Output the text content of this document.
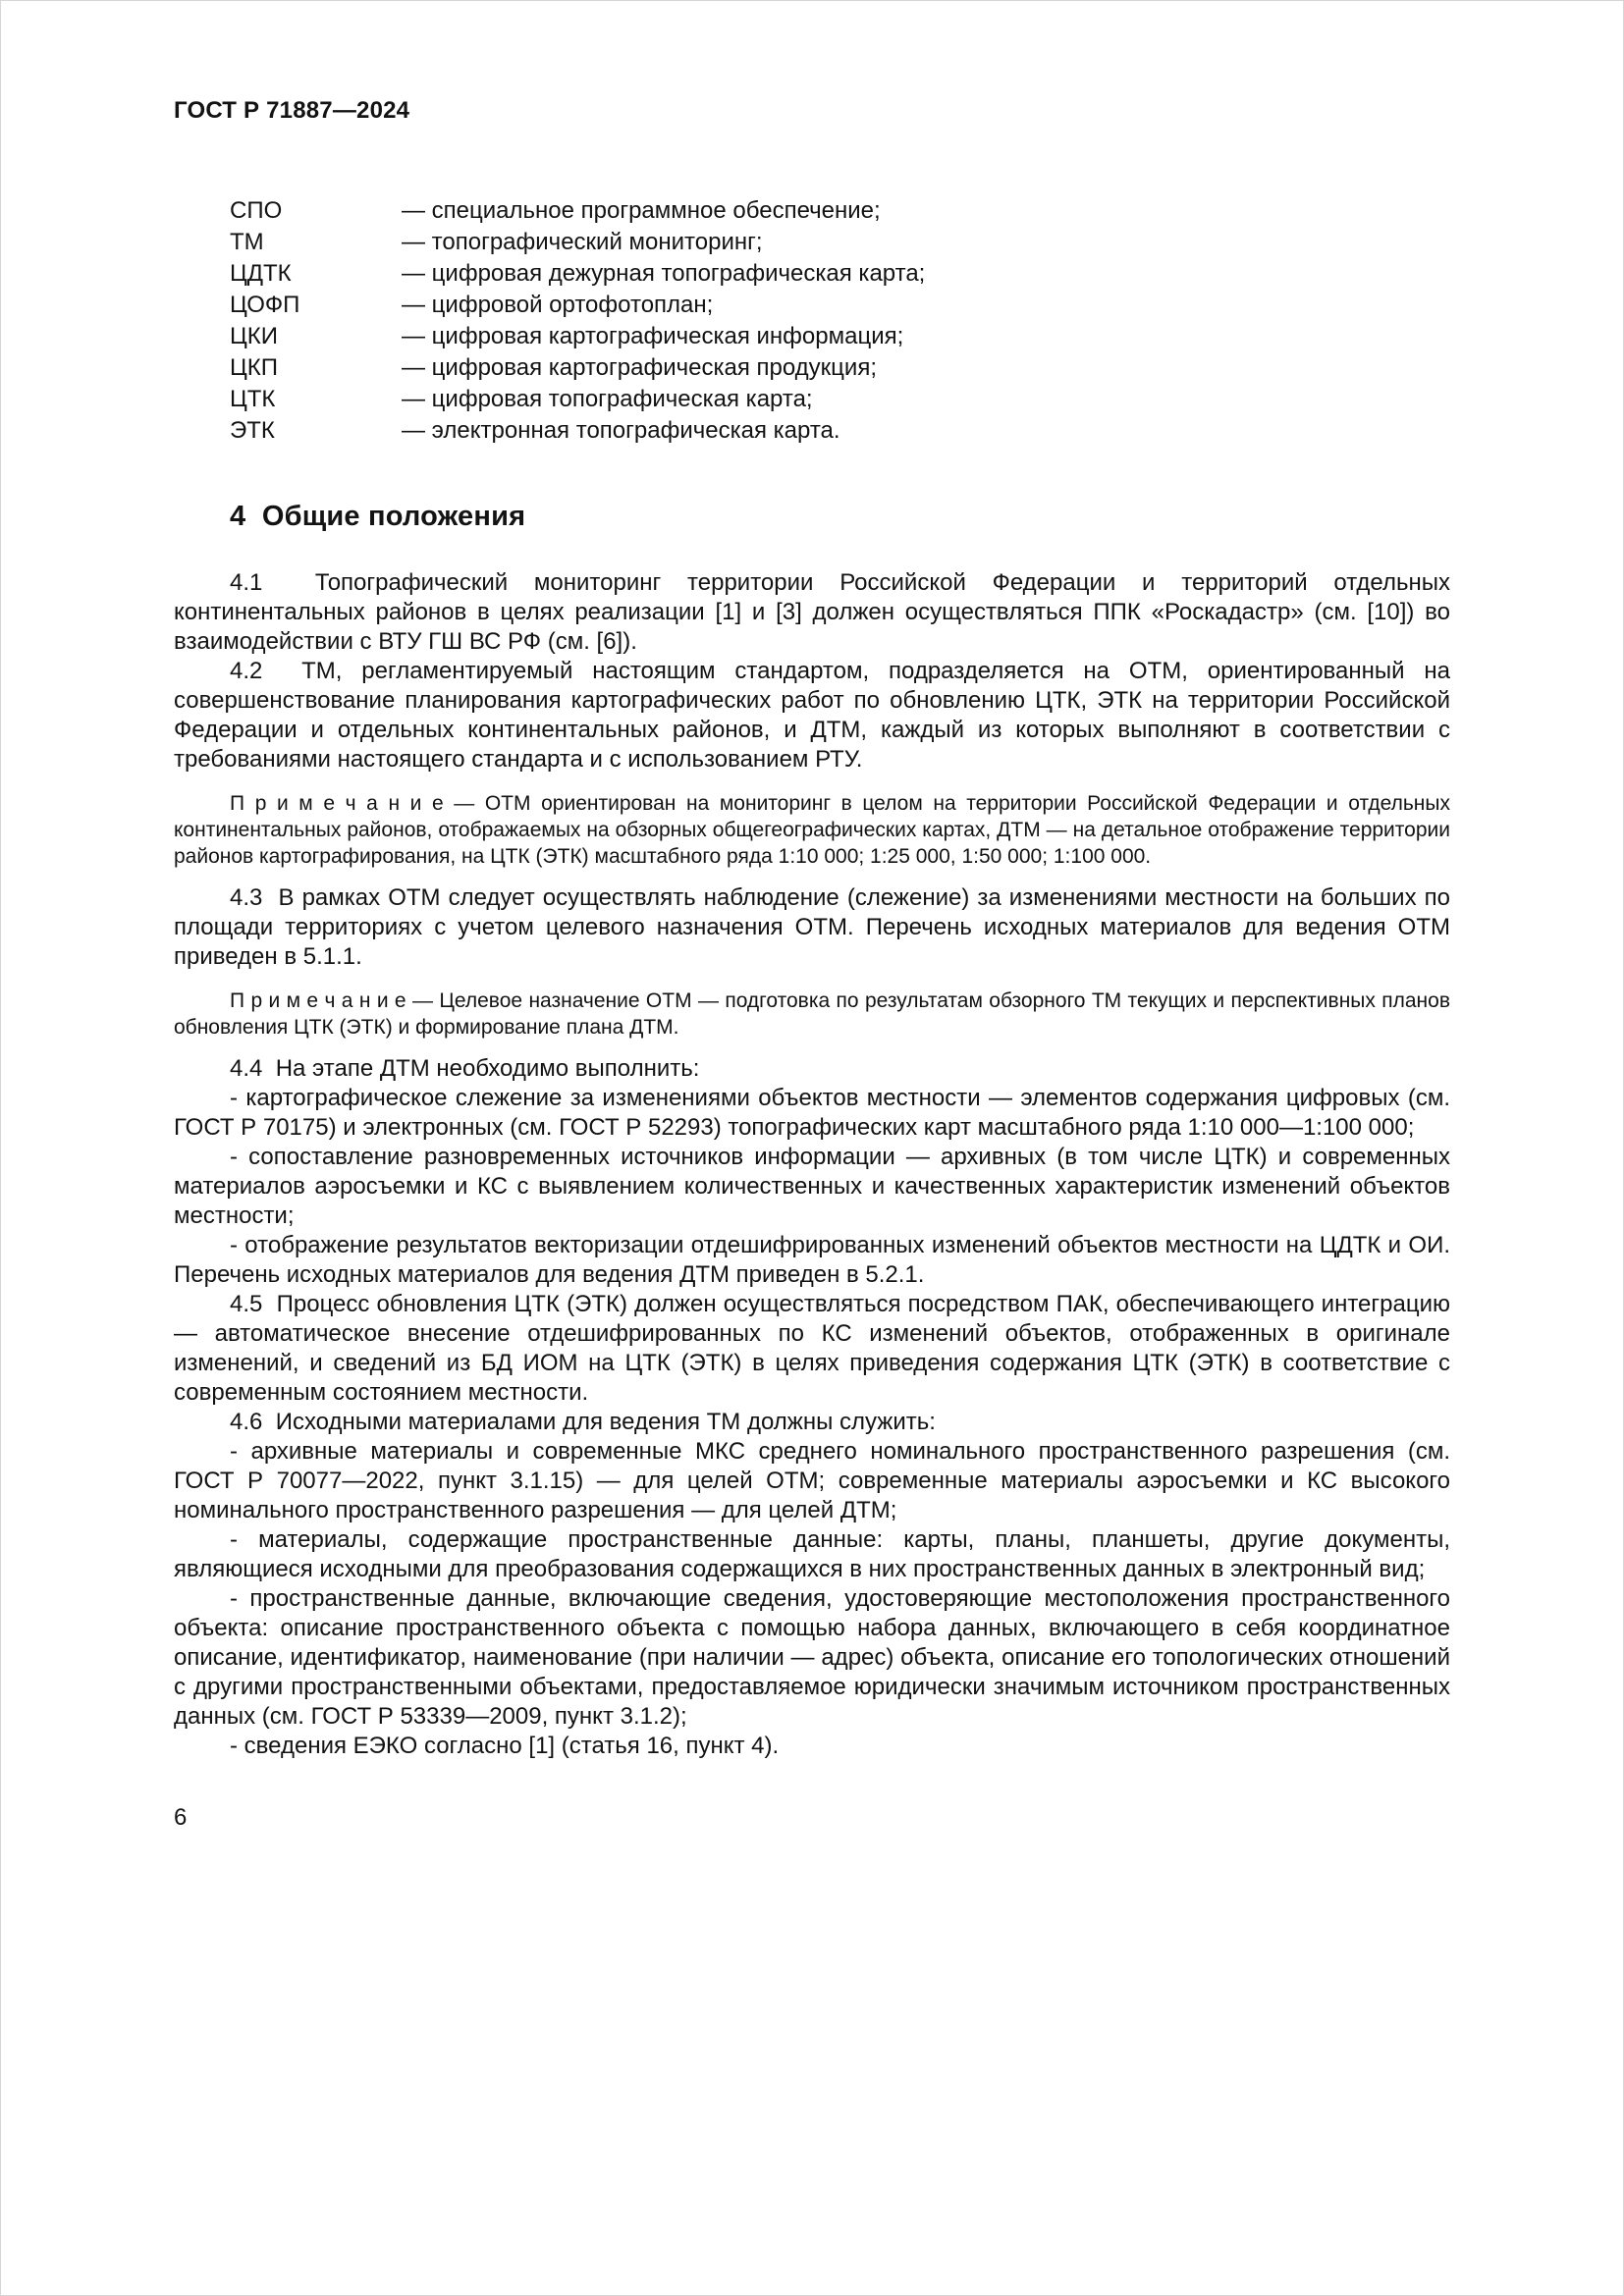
ГОСТ Р 71887—2024
СПО	— специальное программное обеспечение;
ТМ	— топографический мониторинг;
ЦДТК	— цифровая дежурная топографическая карта;
ЦОФП	— цифровой ортофотоплан;
ЦКИ	— цифровая картографическая информация;
ЦКП	— цифровая картографическая продукция;
ЦТК	— цифровая топографическая карта;
ЭТК	— электронная топографическая карта.
4  Общие положения

4.1  Топографический мониторинг территории Российской Федерации и территорий отдельных континентальных районов в целях реализации [1] и [3] должен осуществляться ППК «Роскадастр» (см. [10]) во взаимодействии с ВТУ ГШ ВС РФ (см. [6]).

4.2  ТМ, регламентируемый настоящим стандартом, подразделяется на ОТМ, ориентированный на совершенствование планирования картографических работ по обновлению ЦТК, ЭТК на территории Российской Федерации и отдельных континентальных районов, и ДТМ, каждый из которых выполняют в соответствии с требованиями настоящего стандарта и с использованием РТУ.

П р и м е ч а н и е — ОТМ ориентирован на мониторинг в целом на территории Российской Федерации и отдельных континентальных районов, отображаемых на обзорных общегеографических картах, ДТМ — на детальное отображение территории районов картографирования, на ЦТК (ЭТК) масштабного ряда 1:10 000; 1:25 000, 1:50 000; 1:100 000.

4.3  В рамках ОТМ следует осуществлять наблюдение (слежение) за изменениями местности на больших по площади территориях с учетом целевого назначения ОТМ. Перечень исходных материалов для ведения ОТМ приведен в 5.1.1.

П р и м е ч а н и е — Целевое назначение ОТМ — подготовка по результатам обзорного ТМ текущих и перспективных планов обновления ЦТК (ЭТК) и формирование плана ДТМ.

4.4  На этапе ДТМ необходимо выполнить:

- картографическое слежение за изменениями объектов местности — элементов содержания цифровых (см. ГОСТ Р 70175) и электронных (см. ГОСТ Р 52293) топографических карт масштабного ряда 1:10 000—1:100 000;

- сопоставление разновременных источников информации — архивных (в том числе ЦТК) и современных материалов аэросъемки и КС с выявлением количественных и качественных характеристик изменений объектов местности;

- отображение результатов векторизации отдешифрированных изменений объектов местности на ЦДТК и ОИ. Перечень исходных материалов для ведения ДТМ приведен в 5.2.1.

4.5  Процесс обновления ЦТК (ЭТК) должен осуществляться посредством ПАК, обеспечивающего интеграцию — автоматическое внесение отдешифрированных по КС изменений объектов, отображенных в оригинале изменений, и сведений из БД ИОМ на ЦТК (ЭТК) в целях приведения содержания ЦТК (ЭТК) в соответствие с современным состоянием местности.

4.6  Исходными материалами для ведения ТМ должны служить:

- архивные материалы и современные МКС среднего номинального пространственного разрешения (см. ГОСТ Р 70077—2022, пункт 3.1.15) — для целей ОТМ; современные материалы аэросъемки и КС высокого номинального пространственного разрешения — для целей ДТМ;

- материалы, содержащие пространственные данные: карты, планы, планшеты, другие документы, являющиеся исходными для преобразования содержащихся в них пространственных данных в электронный вид;

- пространственные данные, включающие сведения, удостоверяющие местоположения пространственного объекта: описание пространственного объекта с помощью набора данных, включающего в себя координатное описание, идентификатор, наименование (при наличии — адрес) объекта, описание его топологических отношений с другими пространственными объектами, предоставляемое юридически значимым источником пространственных данных (см. ГОСТ Р 53339—2009, пункт 3.1.2);

- сведения ЕЭКО согласно [1] (статья 16, пункт 4).

6
